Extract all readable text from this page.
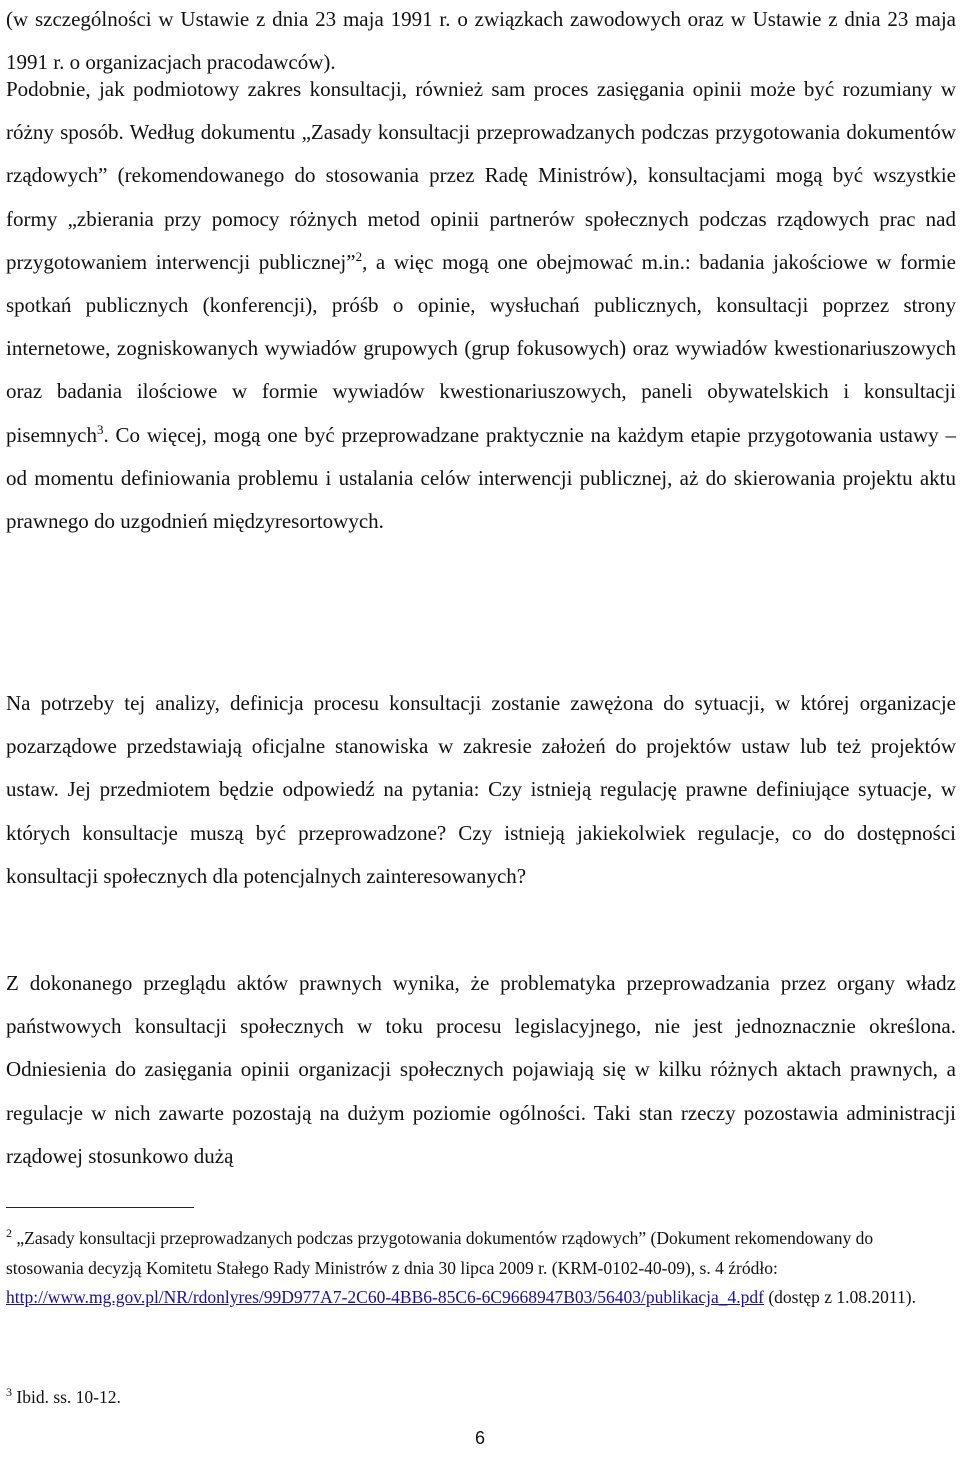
(w szczególności w Ustawie z dnia 23 maja 1991 r. o związkach zawodowych oraz w Ustawie z dnia 23 maja 1991 r. o organizacjach pracodawców).

Podobnie, jak podmiotowy zakres konsultacji, również sam proces zasięgania opinii może być rozumiany w różny sposób. Według dokumentu „Zasady konsultacji przeprowadzanych podczas przygotowania dokumentów rządowych” (rekomendowanego do stosowania przez Radę Ministrów), konsultacjami mogą być wszystkie formy „zbierania przy pomocy różnych metod opinii partnerów społecznych podczas rządowych prac nad przygotowaniem interwencji publicznej”$^2$, a więc mogą one obejmować m.in.: badania jakościowe w formie spotkań publicznych (konferencji), próśb o opinie, wysłuchań publicznych, konsultacji poprzez strony internetowe, zogniskowanych wywiadów grupowych (grup fokusowych) oraz wywiadów kwestionariuszowych oraz badania ilościowe w formie wywiadów kwestionariuszowych, paneli obywatelskich i konsultacji pisemnych$^3$. Co więcej, mogą one być przeprowadzane praktycznie na każdym etapie przygotowania ustawy – od momentu definiowania problemu i ustalania celów interwencji publicznej, aż do skierowania projektu aktu prawnego do uzgodnień międzyresortowych.

Na potrzeby tej analizy, definicja procesu konsultacji zostanie zawężona do sytuacji, w której organizacje pozarządowe przedstawiają oficjalne stanowiska w zakresie założeń do projektów ustaw lub też projektów ustaw. Jej przedmiotem będzie odpowiedź na pytania: Czy istnieją regulację prawne definiujące sytuacje, w których konsultacje muszą być przeprowadzone? Czy istnieją jakiekolwiek regulacje, co do dostępności konsultacji społecznych dla potencjalnych zainteresowanych?

Z dokonanego przeglądu aktów prawnych wynika, że problematyka przeprowadzania przez organy władz państwowych konsultacji społecznych w toku procesu legislacyjnego, nie jest jednoznacznie określona. Odniesienia do zasięgania opinii organizacji społecznych pojawiają się w kilku różnych aktach prawnych, a regulacje w nich zawarte pozostają na dużym poziomie ogólności. Taki stan rzeczy pozostawia administracji rządowej stosunkowo dużą

$^2$ „Zasady konsultacji przeprowadzanych podczas przygotowania dokumentów rządowych” (Dokument rekomendowany do stosowania decyzją Komitetu Stałego Rady Ministrów z dnia 30 lipca 2009 r. (KRM-0102-40-09), s. 4 źródło: http://www.mg.gov.pl/NR/rdonlyres/99D977A7-2C60-4BB6-85C6-6C9668947B03/56403/publikacja_4.pdf (dostęp z 1.08.2011).

$^3$ Ibid. ss. 10-12.

6
